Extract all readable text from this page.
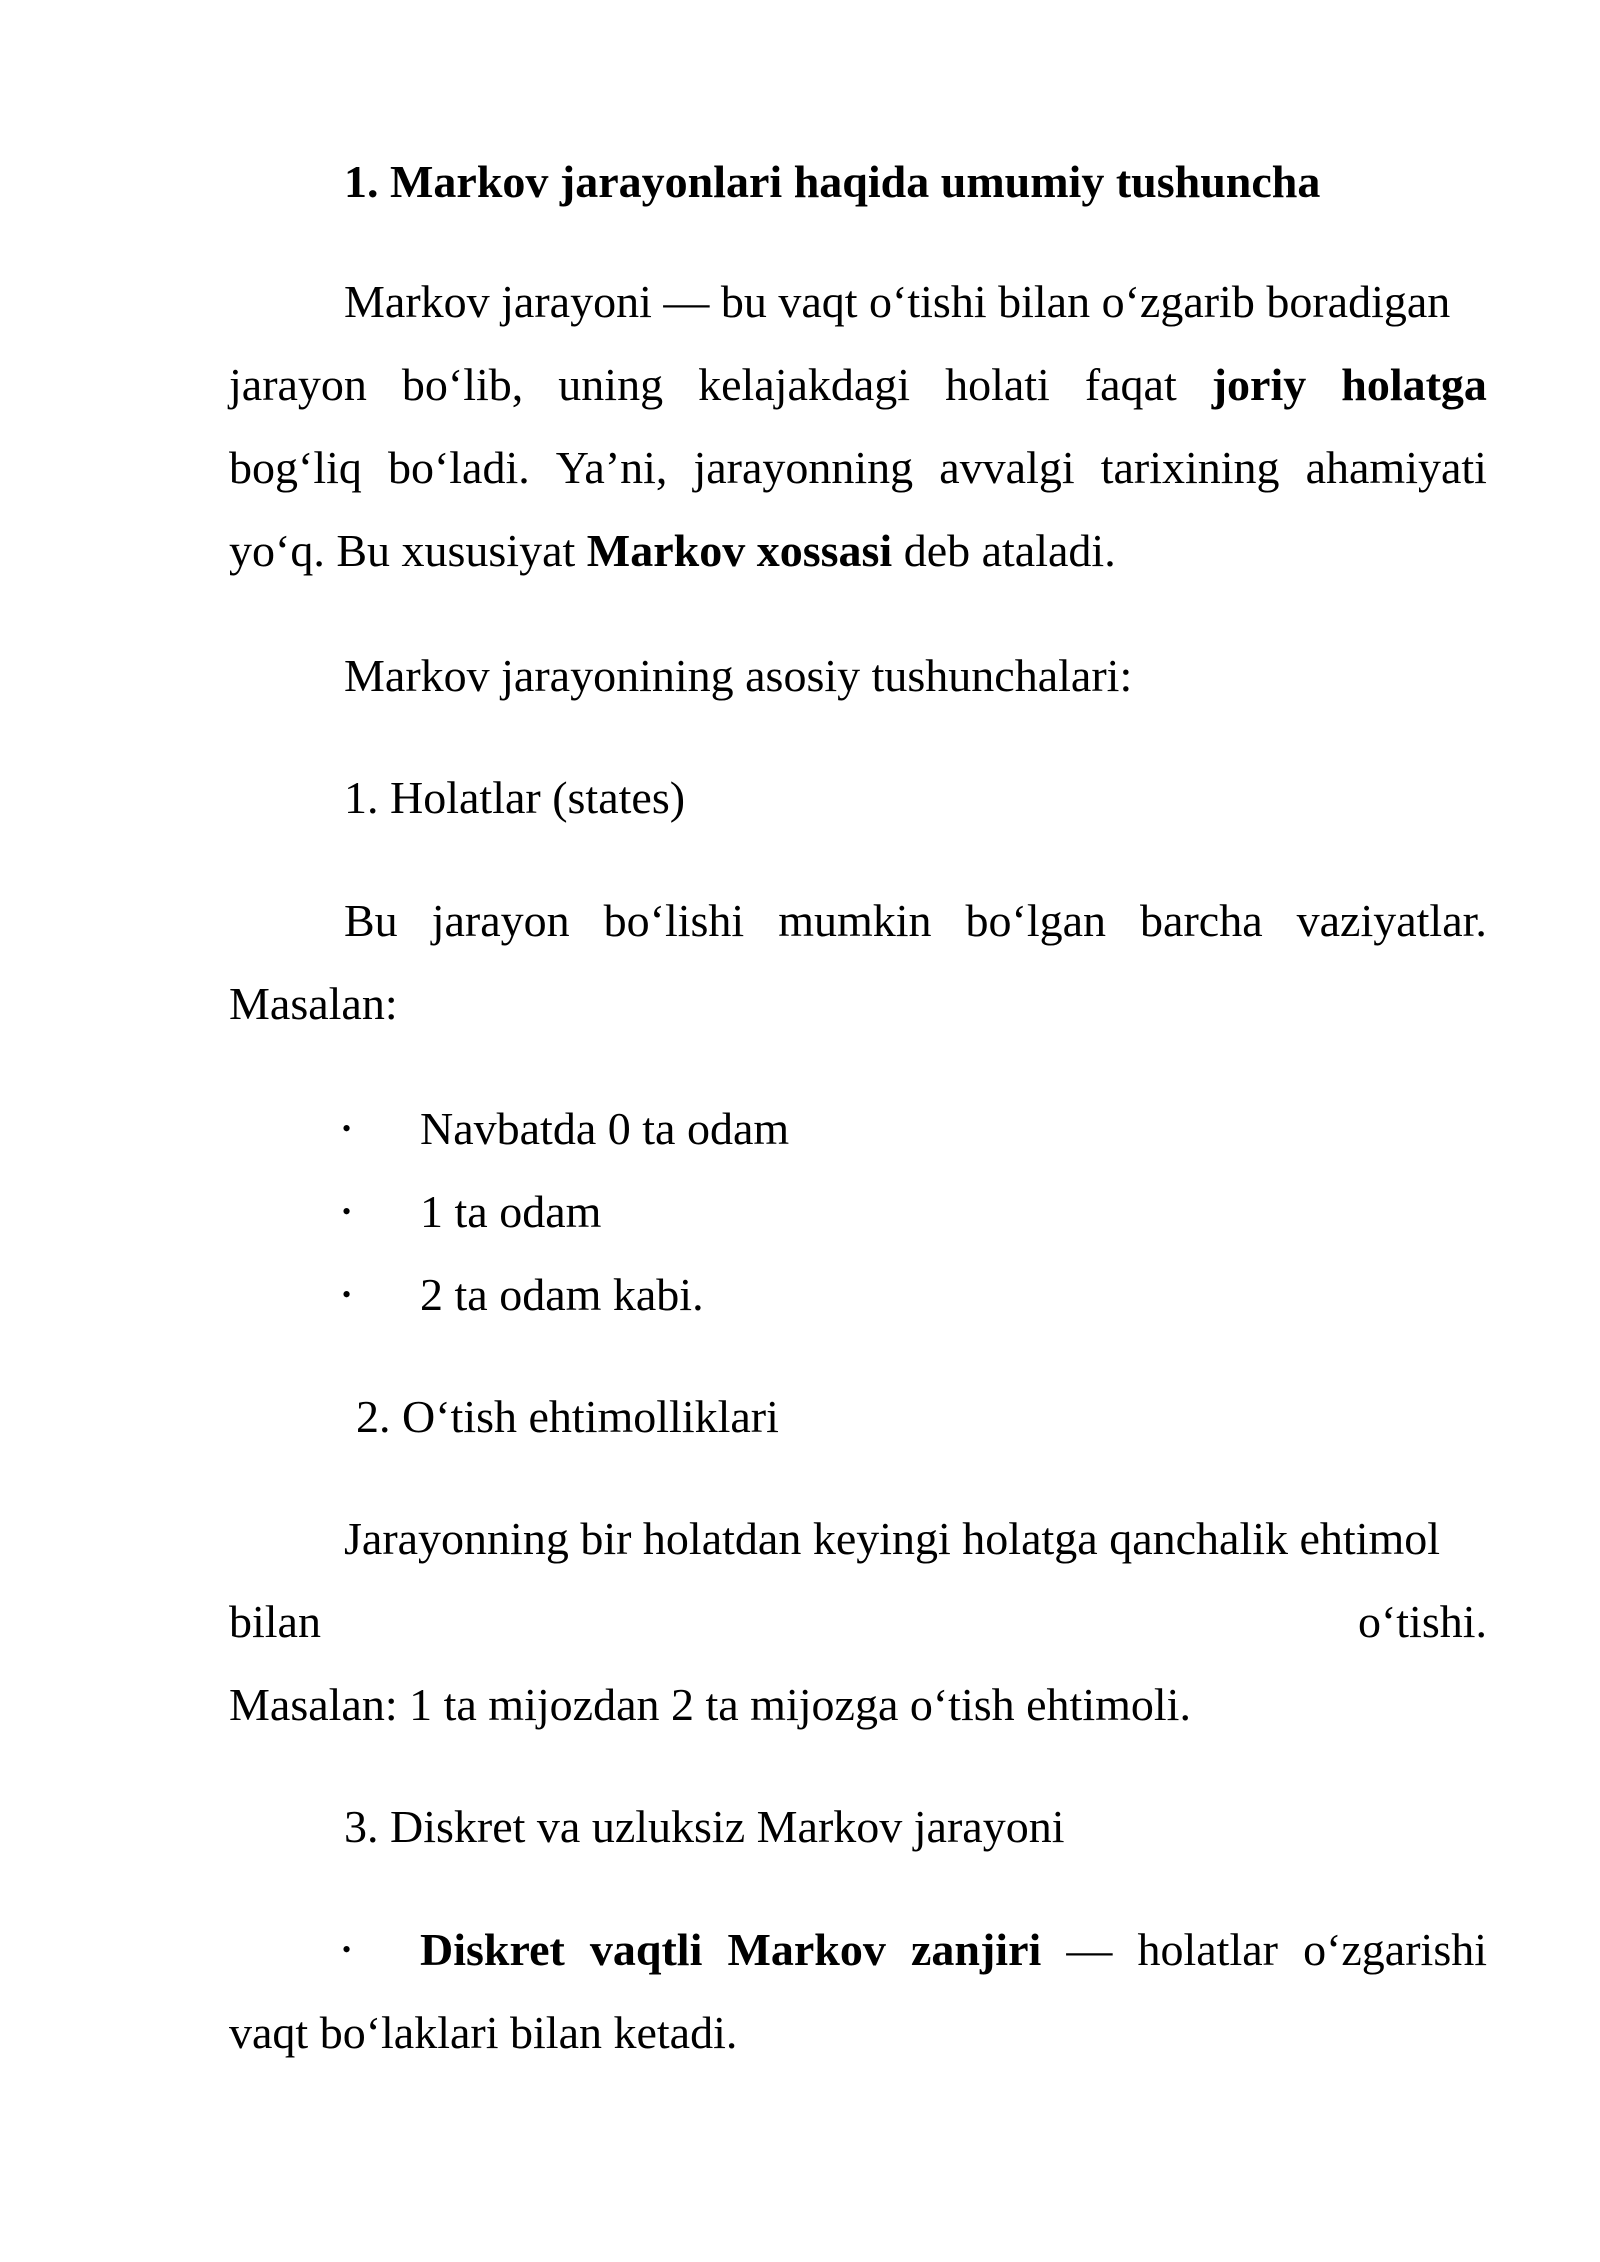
1. Markov jarayonlari haqida umumiy tushuncha
Markov jarayoni — bu vaqt o‘tishi bilan o‘zgarib boradigan
jarayon bo‘lib, uning kelajakdagi holati faqat joriy holatga
bog‘liq bo‘ladi. Ya’ni, jarayonning avvalgi tarixining ahamiyati
yo‘q. Bu xususiyat Markov xossasi deb ataladi.
Markov jarayonining asosiy tushunchalari:
1. Holatlar (states)
Bu jarayon bo‘lishi mumkin bo‘lgan barcha vaziyatlar.
Masalan:
• Navbatda 0 ta odam
• 1 ta odam
• 2 ta odam kabi.
2. O‘tish ehtimolliklari
Jarayonning bir holatdan keyingi holatga qanchalik ehtimol
bilan	o‘tishi.
Masalan: 1 ta mijozdan 2 ta mijozga o‘tish ehtimoli.
3. Diskret va uzluksiz Markov jarayoni
• Diskret vaqtli Markov zanjiri — holatlar o‘zgarishi
vaqt bo‘laklari bilan ketadi.
